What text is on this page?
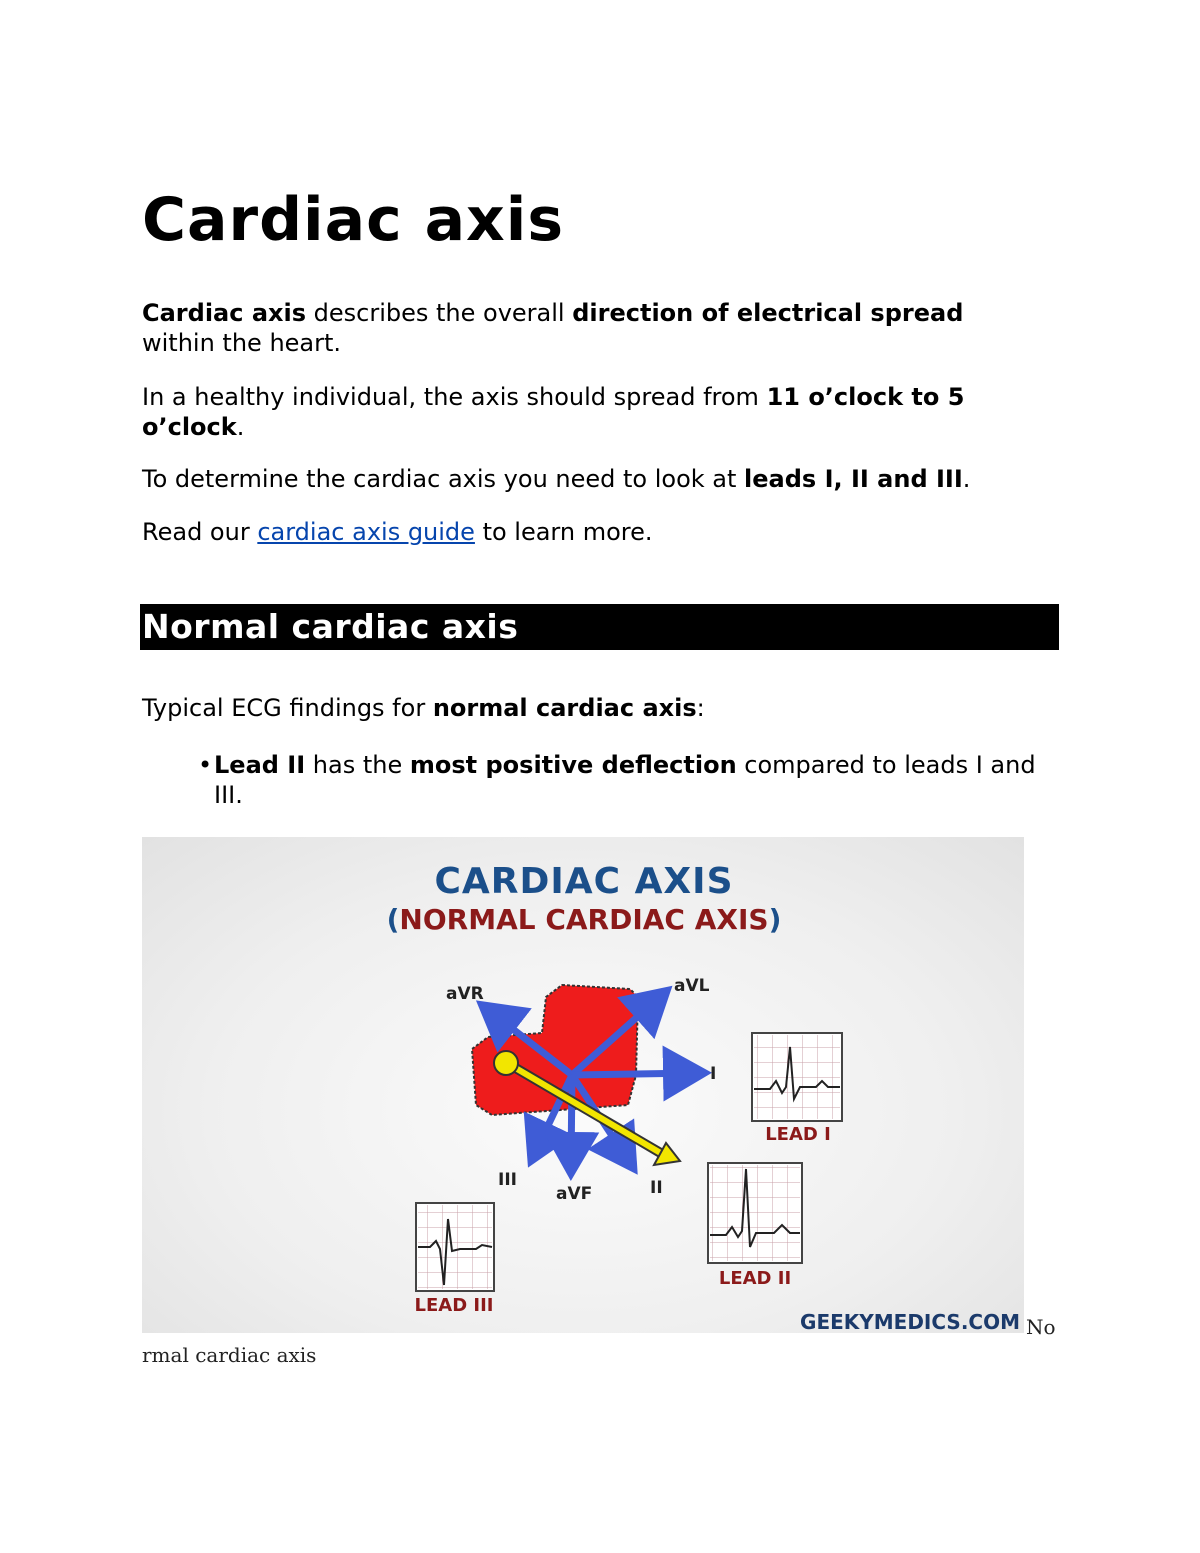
Cardiac axis

Cardiac axis describes the overall direction of electrical spread within the heart.

In a healthy individual, the axis should spread from 11 o’clock to 5 o’clock.

To determine the cardiac axis you need to look at leads I, II and III.

Read our cardiac axis guide to learn more.

Normal cardiac axis

Typical ECG findings for normal cardiac axis:

• Lead II has the most positive deflection compared to leads I and III.
CARDIAC AXIS
(NORMAL CARDIAC AXIS)
aVR	aVL
I
III
aVF	II
LEAD I
LEAD II
LEAD III
GEEKYMEDICS.COM No
rmal cardiac axis
